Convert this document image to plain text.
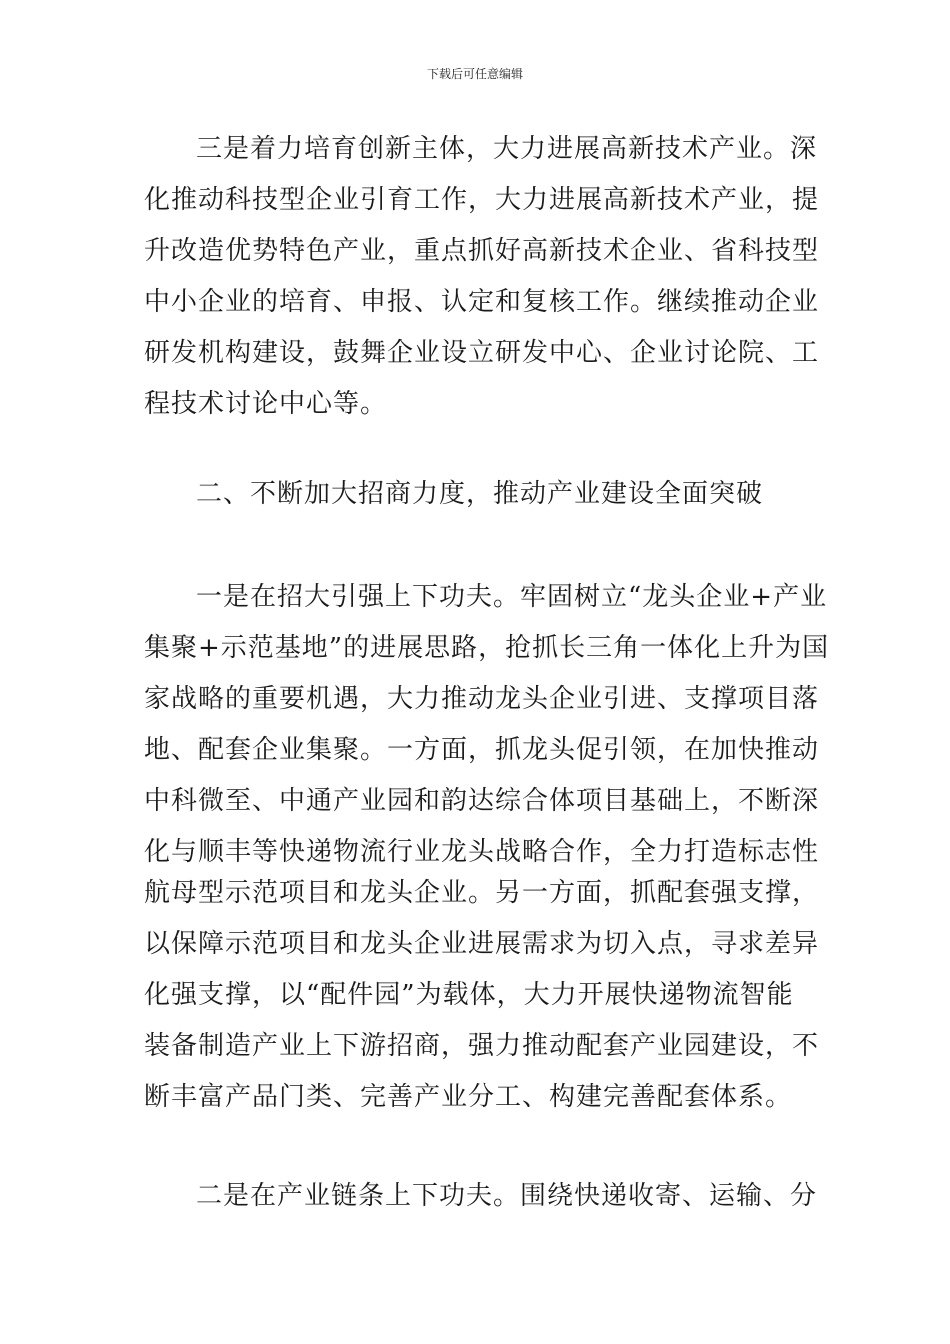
下载后可任意编辑
三是着力培育创新主体，大力进展高新技术产业。深
化推动科技型企业引育工作，大力进展高新技术产业，提
升改造优势特色产业，重点抓好高新技术企业、省科技型
中小企业的培育、申报、认定和复核工作。继续推动企业
研发机构建设，鼓舞企业设立研发中心、企业讨论院、工
程技术讨论中心等。
二、不断加大招商力度，推动产业建设全面突破
一是在招大引强上下功夫。牢固树立“龙头企业+产业
集聚+示范基地”的进展思路，抢抓长三角一体化上升为国
家战略的重要机遇，大力推动龙头企业引进、支撑项目落
地、配套企业集聚。一方面，抓龙头促引领，在加快推动
中科微至、中通产业园和韵达综合体项目基础上，不断深
化与顺丰等快递物流行业龙头战略合作，全力打造标志性
航母型示范项目和龙头企业。另一方面，抓配套强支撑，
以保障示范项目和龙头企业进展需求为切入点，寻求差异
化强支撑，以“配件园”为载体，大力开展快递物流智能
装备制造产业上下游招商，强力推动配套产业园建设，不
断丰富产品门类、完善产业分工、构建完善配套体系。
二是在产业链条上下功夫。围绕快递收寄、运输、分
